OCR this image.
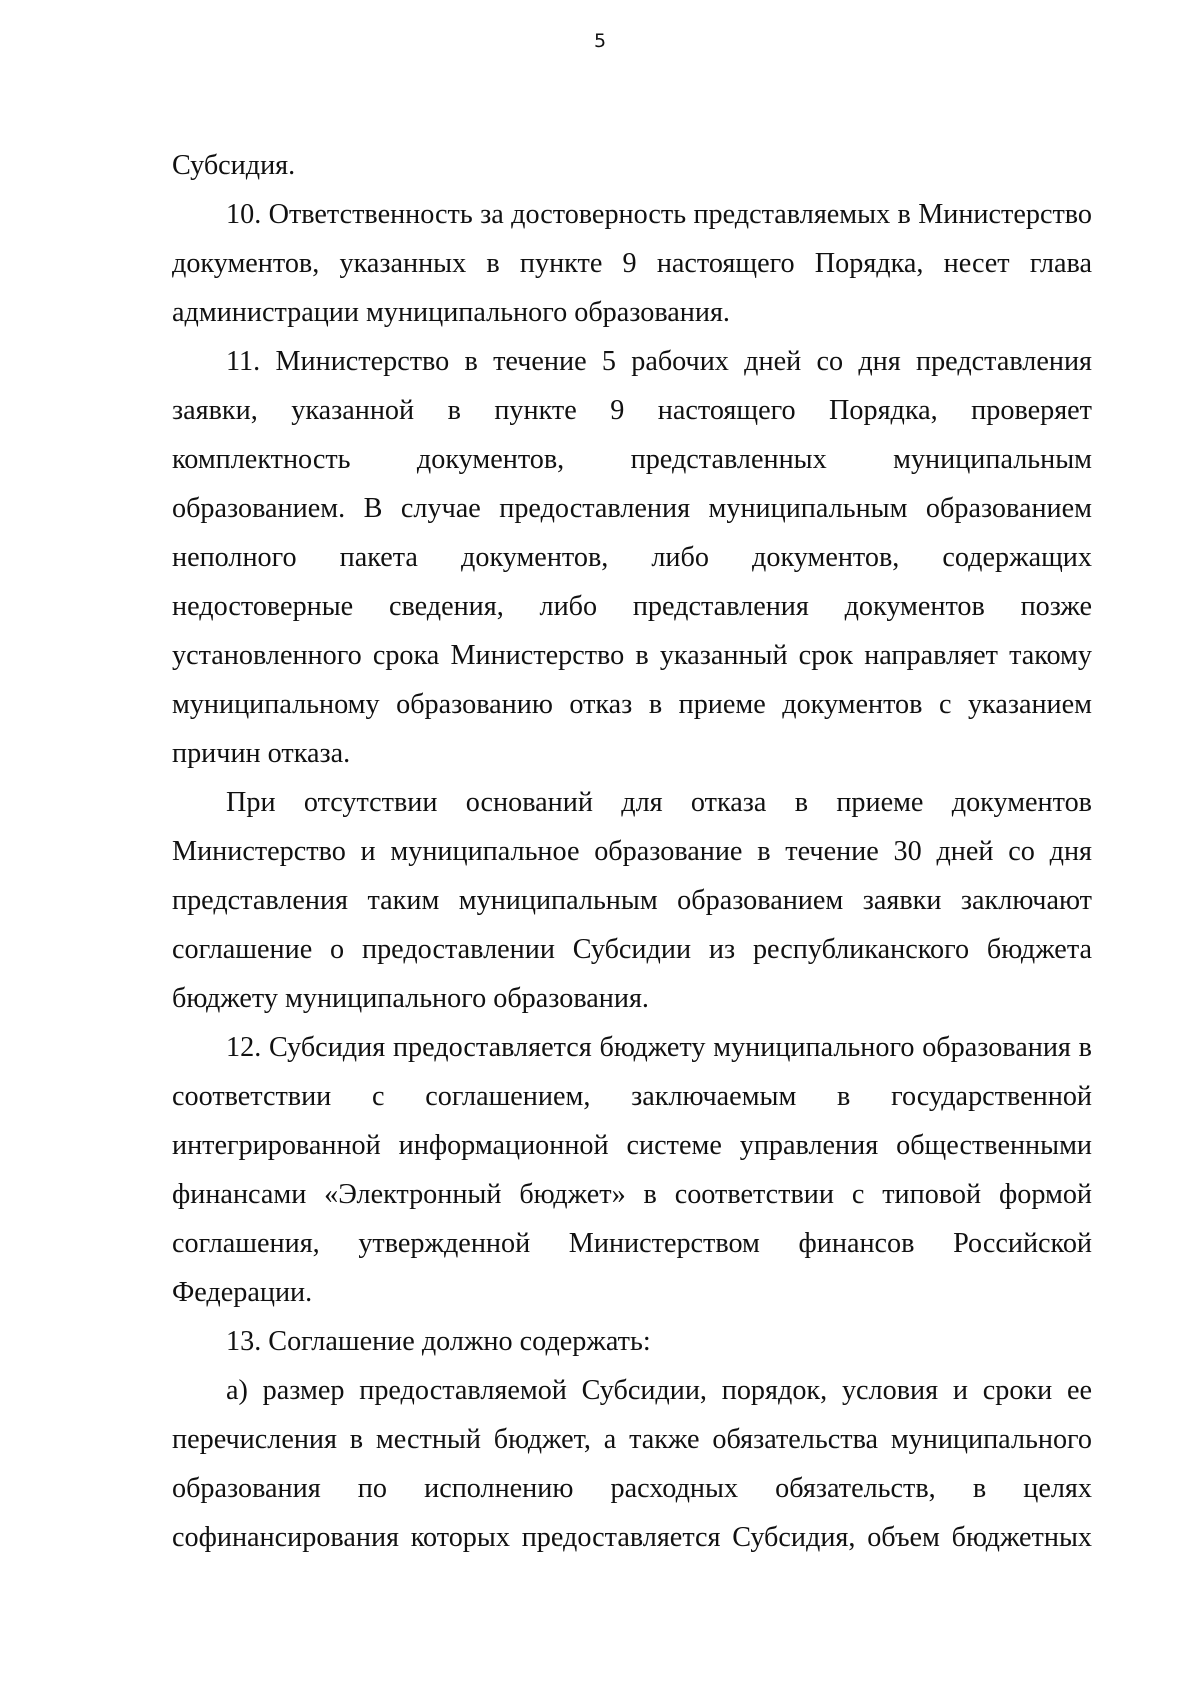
5

Субсидия.

10. Ответственность за достоверность представляемых в Министерство документов, указанных в пункте 9 настоящего Порядка, несет глава администрации муниципального образования.

11. Министерство в течение 5 рабочих дней со дня представления заявки, указанной в пункте 9 настоящего Порядка, проверяет комплектность документов, представленных муниципальным образованием. В случае предоставления муниципальным образованием неполного пакета документов, либо документов, содержащих недостоверные сведения, либо представления документов позже установленного срока Министерство в указанный срок направляет такому муниципальному образованию отказ в приеме документов с указанием причин отказа.

При отсутствии оснований для отказа в приеме документов Министерство и муниципальное образование в течение 30 дней со дня представления таким муниципальным образованием заявки заключают соглашение о предоставлении Субсидии из республиканского бюджета бюджету муниципального образования.

12. Субсидия предоставляется бюджету муниципального образования в соответствии с соглашением, заключаемым в государственной интегрированной информационной системе управления общественными финансами «Электронный бюджет» в соответствии с типовой формой соглашения, утвержденной Министерством финансов Российской Федерации.

13. Соглашение должно содержать:

а) размер предоставляемой Субсидии, порядок, условия и сроки ее перечисления в местный бюджет, а также обязательства муниципального образования по исполнению расходных обязательств, в целях софинансирования которых предоставляется Субсидия, объем бюджетных
